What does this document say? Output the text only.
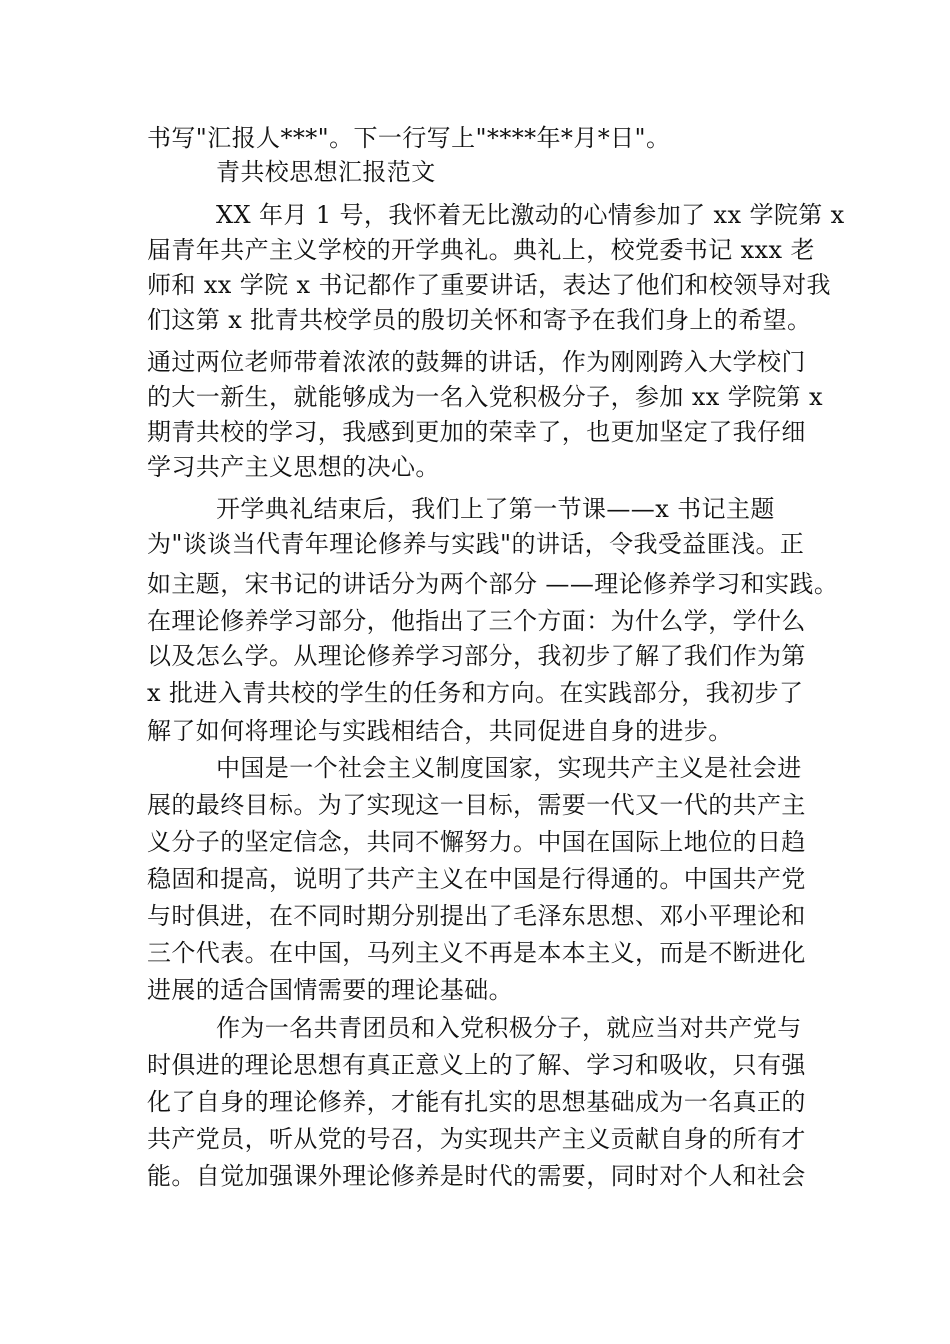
书写"汇报人***"。下一行写上"****年*月*日"。
青共校思想汇报范文
XX 年月 1 号，我怀着无比激动的心情参加了 xx 学院第 x
届青年共产主义学校的开学典礼。典礼上，校党委书记 xxx 老
师和 xx 学院 x 书记都作了重要讲话，表达了他们和校领导对我
们这第 x 批青共校学员的殷切关怀和寄予在我们身上的希望。
通过两位老师带着浓浓的鼓舞的讲话，作为刚刚跨入大学校门
的大一新生，就能够成为一名入党积极分子，参加 xx 学院第 x
期青共校的学习，我感到更加的荣幸了，也更加坚定了我仔细
学习共产主义思想的决心。
开学典礼结束后，我们上了第一节课——x 书记主题
为"谈谈当代青年理论修养与实践"的讲话，令我受益匪浅。正
如主题，宋书记的讲话分为两个部分 ——理论修养学习和实践。
在理论修养学习部分，他指出了三个方面：为什么学，学什么
以及怎么学。从理论修养学习部分，我初步了解了我们作为第
x 批进入青共校的学生的任务和方向。在实践部分，我初步了
解了如何将理论与实践相结合，共同促进自身的进步。
中国是一个社会主义制度国家，实现共产主义是社会进
展的最终目标。为了实现这一目标，需要一代又一代的共产主
义分子的坚定信念，共同不懈努力。中国在国际上地位的日趋
稳固和提高，说明了共产主义在中国是行得通的。中国共产党
与时俱进，在不同时期分别提出了毛泽东思想、邓小平理论和
三个代表。在中国，马列主义不再是本本主义，而是不断进化
进展的适合国情需要的理论基础。
作为一名共青团员和入党积极分子，就应当对共产党与
时俱进的理论思想有真正意义上的了解、学习和吸收，只有强
化了自身的理论修养，才能有扎实的思想基础成为一名真正的
共产党员，听从党的号召，为实现共产主义贡献自身的所有才
能。自觉加强课外理论修养是时代的需要，同时对个人和社会
